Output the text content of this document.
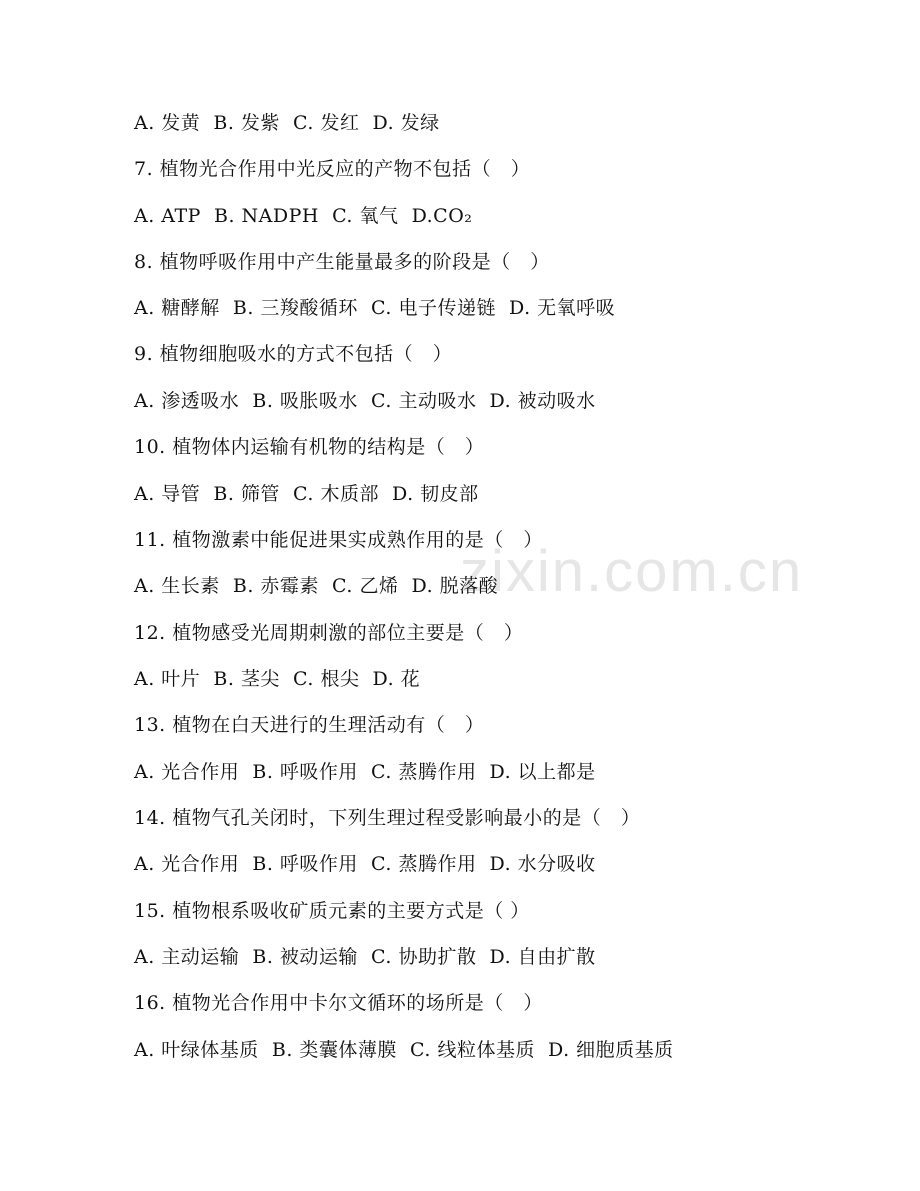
zixin.com.cn
A. 发黄  B. 发紫  C. 发红  D. 发绿
7. 植物光合作用中光反应的产物不包括（   ）
A. ATP  B. NADPH  C. 氧气  D.CO₂
8. 植物呼吸作用中产生能量最多的阶段是（   ）
A. 糖酵解  B. 三羧酸循环  C. 电子传递链  D. 无氧呼吸
9. 植物细胞吸水的方式不包括（   ）
A. 渗透吸水  B. 吸胀吸水  C. 主动吸水  D. 被动吸水
10. 植物体内运输有机物的结构是（   ）
A. 导管  B. 筛管  C. 木质部  D. 韧皮部
11. 植物激素中能促进果实成熟作用的是（   ）
A. 生长素  B. 赤霉素  C. 乙烯  D. 脱落酸
12. 植物感受光周期刺激的部位主要是（   ）
A. 叶片  B. 茎尖  C. 根尖  D. 花
13. 植物在白天进行的生理活动有（   ）
A. 光合作用  B. 呼吸作用  C. 蒸腾作用  D. 以上都是
14. 植物气孔关闭时，下列生理过程受影响最小的是（   ）
A. 光合作用  B. 呼吸作用  C. 蒸腾作用  D. 水分吸收
15. 植物根系吸收矿质元素的主要方式是（ ）
A. 主动运输  B. 被动运输  C. 协助扩散  D. 自由扩散
16. 植物光合作用中卡尔文循环的场所是（   ）
A. 叶绿体基质  B. 类囊体薄膜  C. 线粒体基质  D. 细胞质基质
